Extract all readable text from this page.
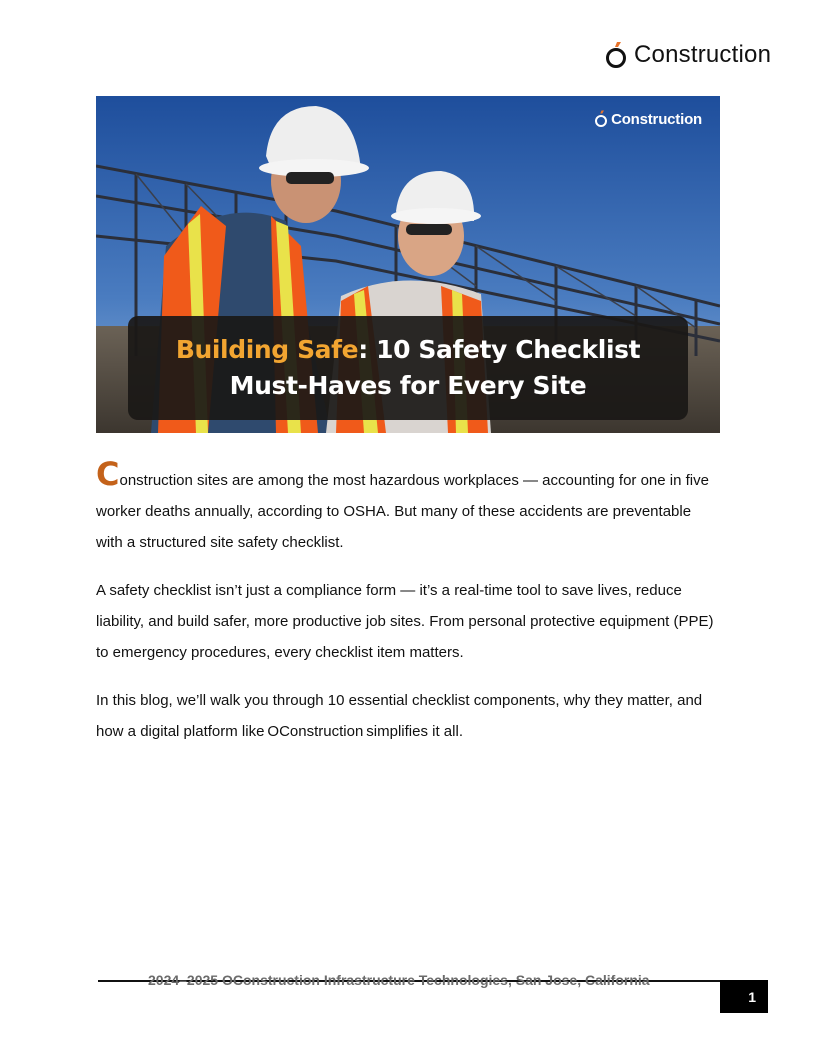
Construction
Construction
Building Safe: 10 Safety Checklist
Must-Haves for Every Site

Construction sites are among the most hazardous workplaces — accounting for one in five worker deaths annually, according to OSHA. But many of these accidents are preventable with a structured site safety checklist.

A safety checklist isn’t just a compliance form — it’s a real-time tool to save lives, reduce liability, and build safer, more productive job sites. From personal protective equipment (PPE) to emergency procedures, every checklist item matters.

In this blog, we’ll walk you through 10 essential checklist components, why they matter, and how a digital platform like OConstruction simplifies it all.

2024–2025 OConstruction Infrastructure Technologies, San Jose, California
1
